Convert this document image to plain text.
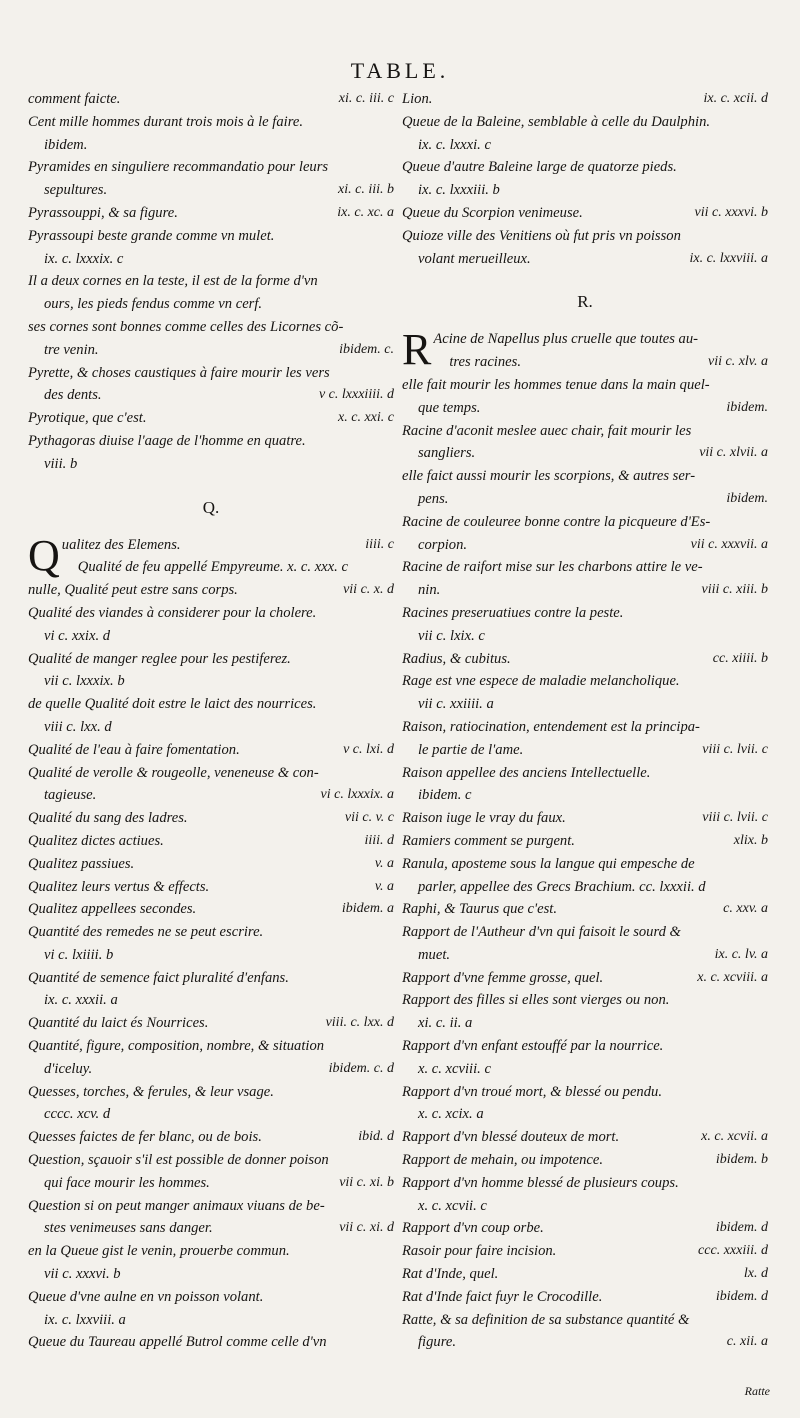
TABLE.
comment faicte.	xi. c. iii. c
Cent mille hommes durant trois mois à le faire.
ibidem.
Pyramides en singuliere recommandatio pour leurs
sepultures.	xi. c. iii. b
Pyrassouppi, & sa figure.	ix. c. xc. a
Pyrassoupi beste grande comme vn mulet.
ix. c. lxxxix. c
Il a deux cornes en la teste, il est de la forme d'vn
ours, les pieds fendus comme vn cerf.
ses cornes sont bonnes comme celles des Licornes cõ-
tre venin.	ibidem. c.
Pyrette, & choses caustiques à faire mourir les vers
des dents.	v c. lxxxiiii. d
Pyrotique, que c'est.	x. c. xxi. c
Pythagoras diuise l'aage de l'homme en quatre.
viii. b
Q.
Q ualitez des Elemens.	iiii. c
Qualité de feu appellé Empyreume. x. c. xxx. c
nulle, Qualité peut estre sans corps.	vii c. x. d
Qualité des viandes à considerer pour la cholere.
vi c. xxix. d
Qualité de manger reglee pour les pestiferez.
vii c. lxxxix. b
de quelle Qualité doit estre le laict des nourrices.
viii c. lxx. d
Qualité de l'eau à faire fomentation.	v c. lxi. d
Qualité de verolle & rougeolle, veneneuse & con-
tagieuse.	vi c. lxxxix. a
Qualité du sang des ladres.	vii c. v. c
Qualitez dictes actiues.	iiii. d
Qualitez passiues.	v. a
Qualitez leurs vertus & effects.	v. a
Qualitez appellees secondes.	ibidem. a
Quantité des remedes ne se peut escrire.
vi c. lxiiii. b
Quantité de semence faict pluralité d'enfans.
ix. c. xxxii. a
Quantité du laict és Nourrices.	viii. c. lxx. d
Quantité, figure, composition, nombre, & situation
d'iceluy.	ibidem. c. d
Quesses, torches, & ferules, & leur vsage.
cccc. xcv. d
Quesses faictes de fer blanc, ou de bois.	ibid. d
Question, sçauoir s'il est possible de donner poison
qui face mourir les hommes.	vii c. xi. b
Question si on peut manger animaux viuans de be-
stes venimeuses sans danger.	vii c. xi. d
en la Queue gist le venin, prouerbe commun.
vii c. xxxvi. b
Queue d'vne aulne en vn poisson volant.
ix. c. lxxviii. a
Queue du Taureau appellé Butrol comme celle d'vn
Lion.	ix. c. xcii. d
Queue de la Baleine, semblable à celle du Daulphin.
ix. c. lxxxi. c
Queue d'autre Baleine large de quatorze pieds.
ix. c. lxxxiii. b
Queue du Scorpion venimeuse.	vii c. xxxvi. b
Quioze ville des Venitiens où fut pris vn poisson
volant merueilleux.	ix. c. lxxviii. a
R.
R Acine de Napellus plus cruelle que toutes au-
tres racines.	vii c. xlv. a
elle fait mourir les hommes tenue dans la main quel-
que temps.	ibidem.
Racine d'aconit meslee auec chair, fait mourir les
sangliers.	vii c. xlvii. a
elle faict aussi mourir les scorpions, & autres ser-
pens.	ibidem.
Racine de couleuree bonne contre la picqueure d'Es-
corpion.	vii c. xxxvii. a
Racine de raifort mise sur les charbons attire le ve-
nin.	viii c. xiii. b
Racines preseruatiues contre la peste.
vii c. lxix. c
Radius, & cubitus.	cc. xiiii. b
Rage est vne espece de maladie melancholique.
vii c. xxiiii. a
Raison, ratiocination, entendement est la principa-
le partie de l'ame.	viii c. lvii. c
Raison appellee des anciens Intellectuelle.
ibidem. c
Raison iuge le vray du faux.	viii c. lvii. c
Ramiers comment se purgent.	xlix. b
Ranula, aposteme sous la langue qui empesche de
parler, appellee des Grecs Brachium. cc. lxxxii. d
Raphi, & Taurus que c'est.	c. xxv. a
Rapport de l'Autheur d'vn qui faisoit le sourd &
muet.	ix. c. lv. a
Rapport d'vne femme grosse, quel.	x. c. xcviii. a
Rapport des filles si elles sont vierges ou non.
xi. c. ii. a
Rapport d'vn enfant estouffé par la nourrice.
x. c. xcviii. c
Rapport d'vn troué mort, & blessé ou pendu.
x. c. xcix. a
Rapport d'vn blessé douteux de mort.	x. c. xcvii. a
Rapport de mehain, ou impotence.	ibidem. b
Rapport d'vn homme blessé de plusieurs coups.
x. c. xcvii. c
Rapport d'vn coup orbe.	ibidem. d
Rasoir pour faire incision.	ccc. xxxiii. d
Rat d'Inde, quel.	lx. d
Rat d'Inde faict fuyr le Crocodille.	ibidem. d
Ratte, & sa definition de sa substance quantité &
figure.	c. xii. a
Ratte
